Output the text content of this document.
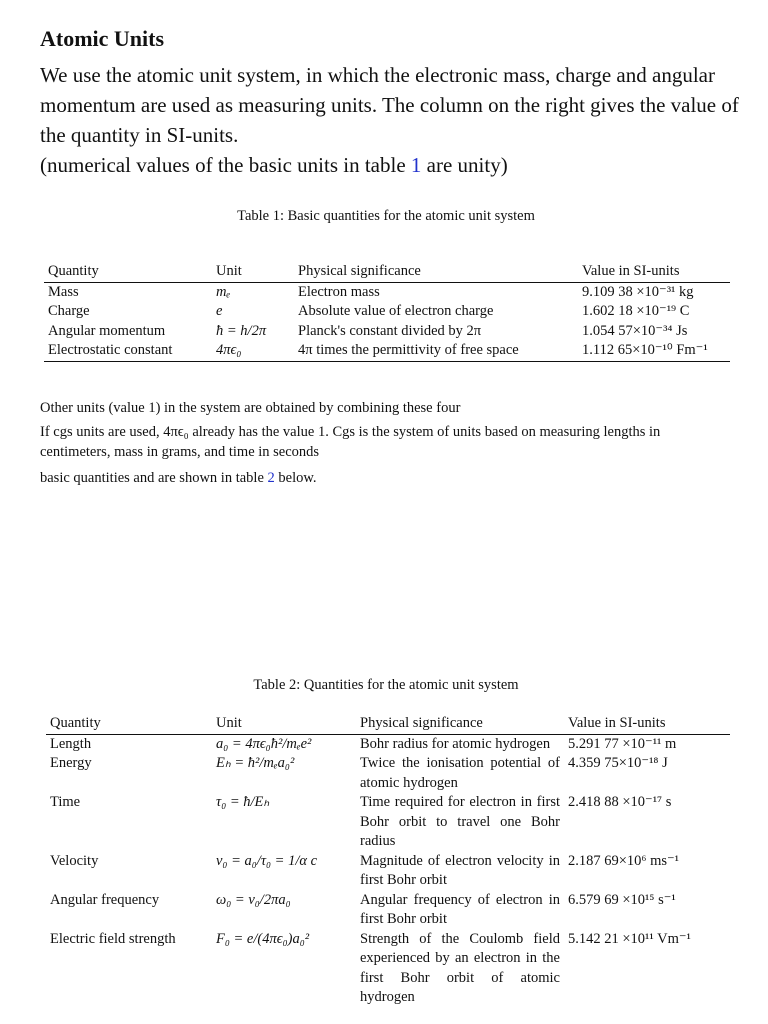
Atomic Units

We use the atomic unit system, in which the electronic mass, charge and angular momentum are used as measuring units. The column on the right gives the value of the quantity in SI-units.

(numerical values of the basic units in table 1 are unity)

Table 1: Basic quantities for the atomic unit system
Quantity	Unit	Physical significance	Value in SI-units
Mass	mₑ	Electron mass	9.109 38 ×10⁻³¹ kg
Charge	e	Absolute value of electron charge	1.602 18 ×10⁻¹⁹ C
Angular momentum	ħ = h/2π	Planck's constant divided by 2π	1.054 57×10⁻³⁴ Js
Electrostatic constant	4πϵ₀	4π times the permittivity of free space	1.112 65×10⁻¹⁰ Fm⁻¹

Other units (value 1) in the system are obtained by combining these four

If cgs units are used, 4πϵ₀ already has the value 1. Cgs is the system of units based on measuring lengths in centimeters, mass in grams, and time in seconds

basic quantities and are shown in table 2 below.

Table 2: Quantities for the atomic unit system
Quantity	Unit	Physical significance	Value in SI-units
Length	a₀ = 4πϵ₀ħ²/mₑe²	Bohr radius for atomic hydrogen	5.291 77 ×10⁻¹¹ m
Energy	Eₕ = ħ²/mₑa₀²	Twice the ionisation potential of atomic hydrogen	4.359 75×10⁻¹⁸ J
Time	τ₀ = ħ/Eₕ	Time required for electron in first Bohr orbit to travel one Bohr radius	2.418 88 ×10⁻¹⁷ s
Velocity	v₀ = a₀/τ₀ = 1/α c	Magnitude of electron velocity in first Bohr orbit	2.187 69×10⁶ ms⁻¹
Angular frequency	ω₀ = v₀/2πa₀	Angular frequency of electron in first Bohr orbit	6.579 69 ×10¹⁵ s⁻¹
Electric field strength	F₀ = e/(4πϵ₀)a₀²	Strength of the Coulomb field experienced by an electron in the first Bohr orbit of atomic hydrogen	5.142 21 ×10¹¹ Vm⁻¹
